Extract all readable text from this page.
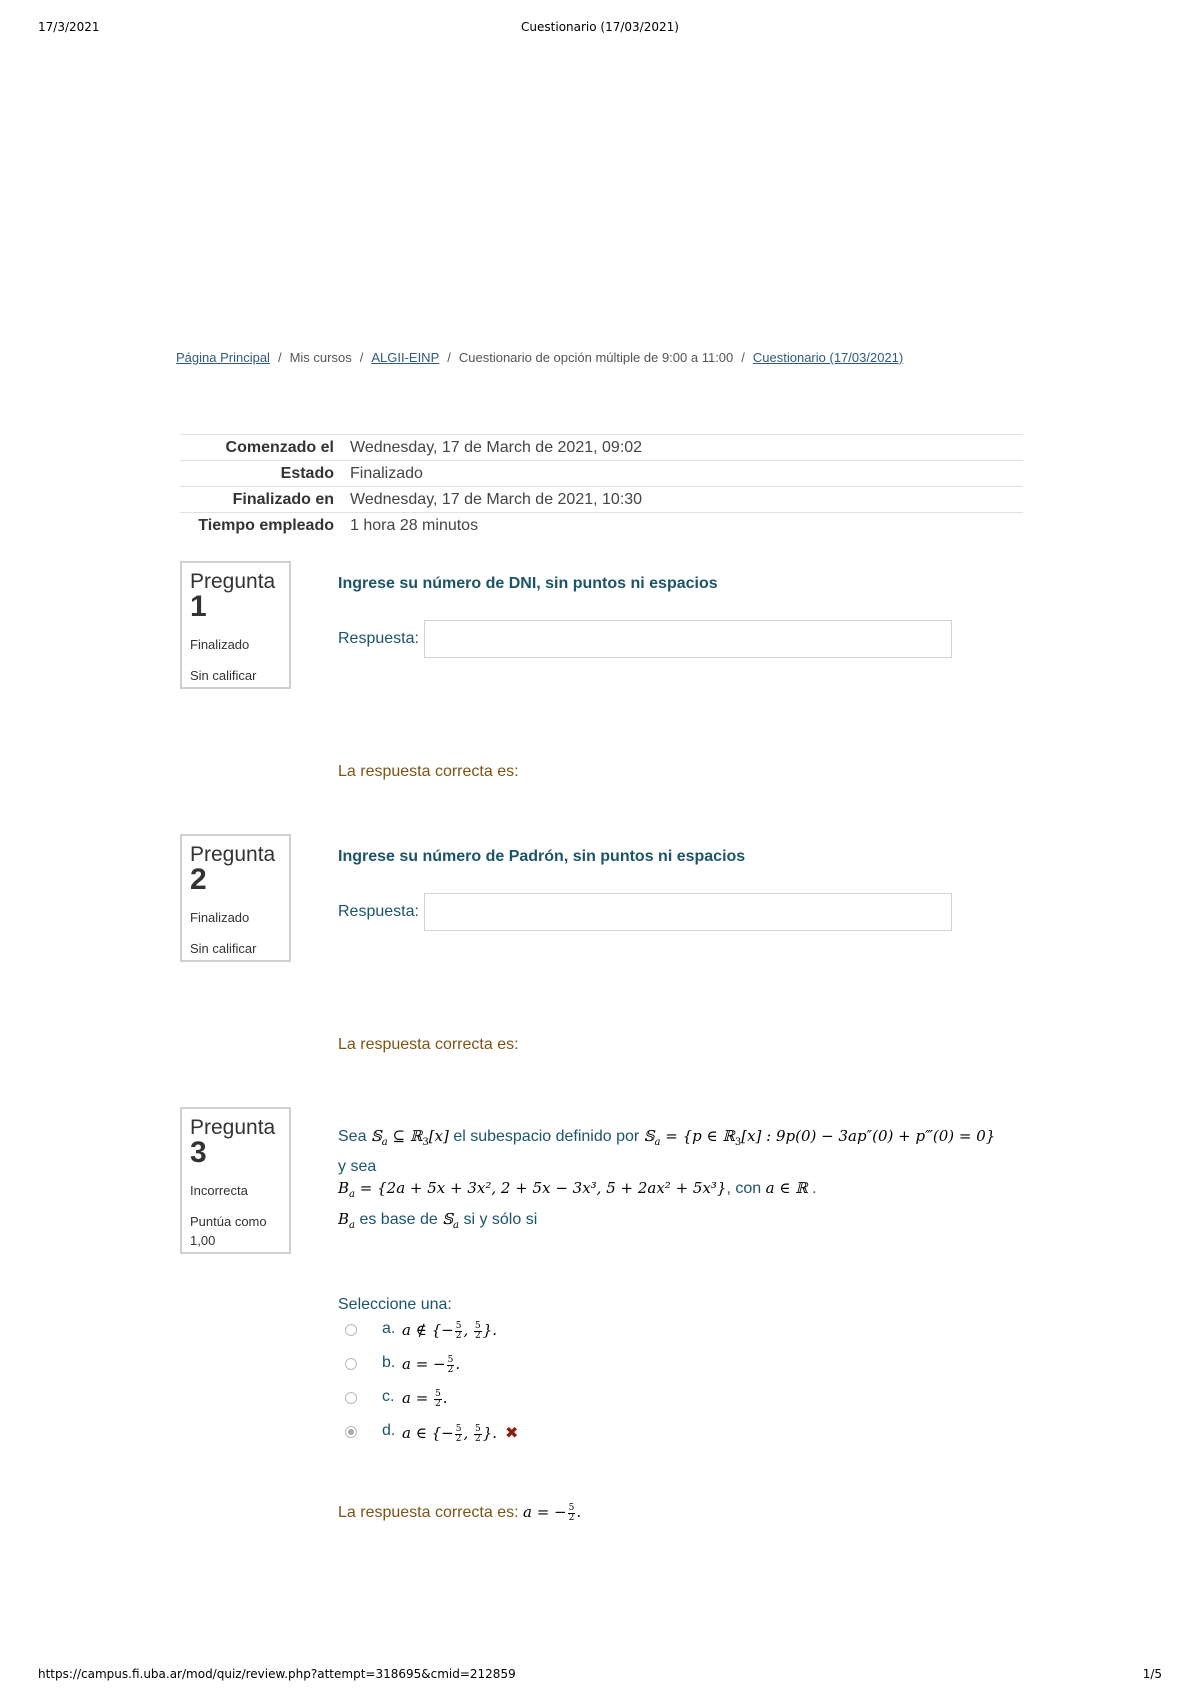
17/3/2021	Cuestionario (17/03/2021)
Página Principal / Mis cursos / ALGII-EINP / Cuestionario de opción múltiple de 9:00 a 11:00 / Cuestionario (17/03/2021)
Comenzado el	Wednesday, 17 de March de 2021, 09:02
Estado	Finalizado
Finalizado en	Wednesday, 17 de March de 2021, 10:30
Tiempo empleado	1 hora 28 minutos
Pregunta
1
Finalizado
Sin calificar
Ingrese su número de DNI, sin puntos ni espacios
Respuesta:
La respuesta correcta es:
Pregunta
2
Finalizado
Sin calificar
Ingrese su número de Padrón, sin puntos ni espacios
Respuesta:
La respuesta correcta es:
Pregunta
3
Incorrecta
Puntúa como 1,00
Sea 𝕊$_a$ ⊆ ℝ$_3$[x] el subespacio definido por 𝕊$_a$ = {p ∈ ℝ$_3$[x] : 9p(0) − 3ap″(0) + p‴(0) = 0}
y sea
$B_a = \{2a + 5x + 3x^2$, 2 + 5x − 3x³, 5 + 2ax² + 5x³}, con a ∈ ℝ .
$B_a$ es base de 𝕊$_a$ si y sólo si
Seleccione una:
a. a ∉ {− $\frac{5}{2}$ , $\frac{5}{2}$ }.
b. a = − $\frac{5}{2}$ .
c. $a = \frac{5}{2}$ .
d. a ∈ {− $\frac{5}{2}$ , $\frac{5}{2}$ }. ✖
La respuesta correcta es: a = − $\frac{5}{2}$ .
https://campus.fi.uba.ar/mod/quiz/review.php?attempt=318695&cmid=212859	1/5
